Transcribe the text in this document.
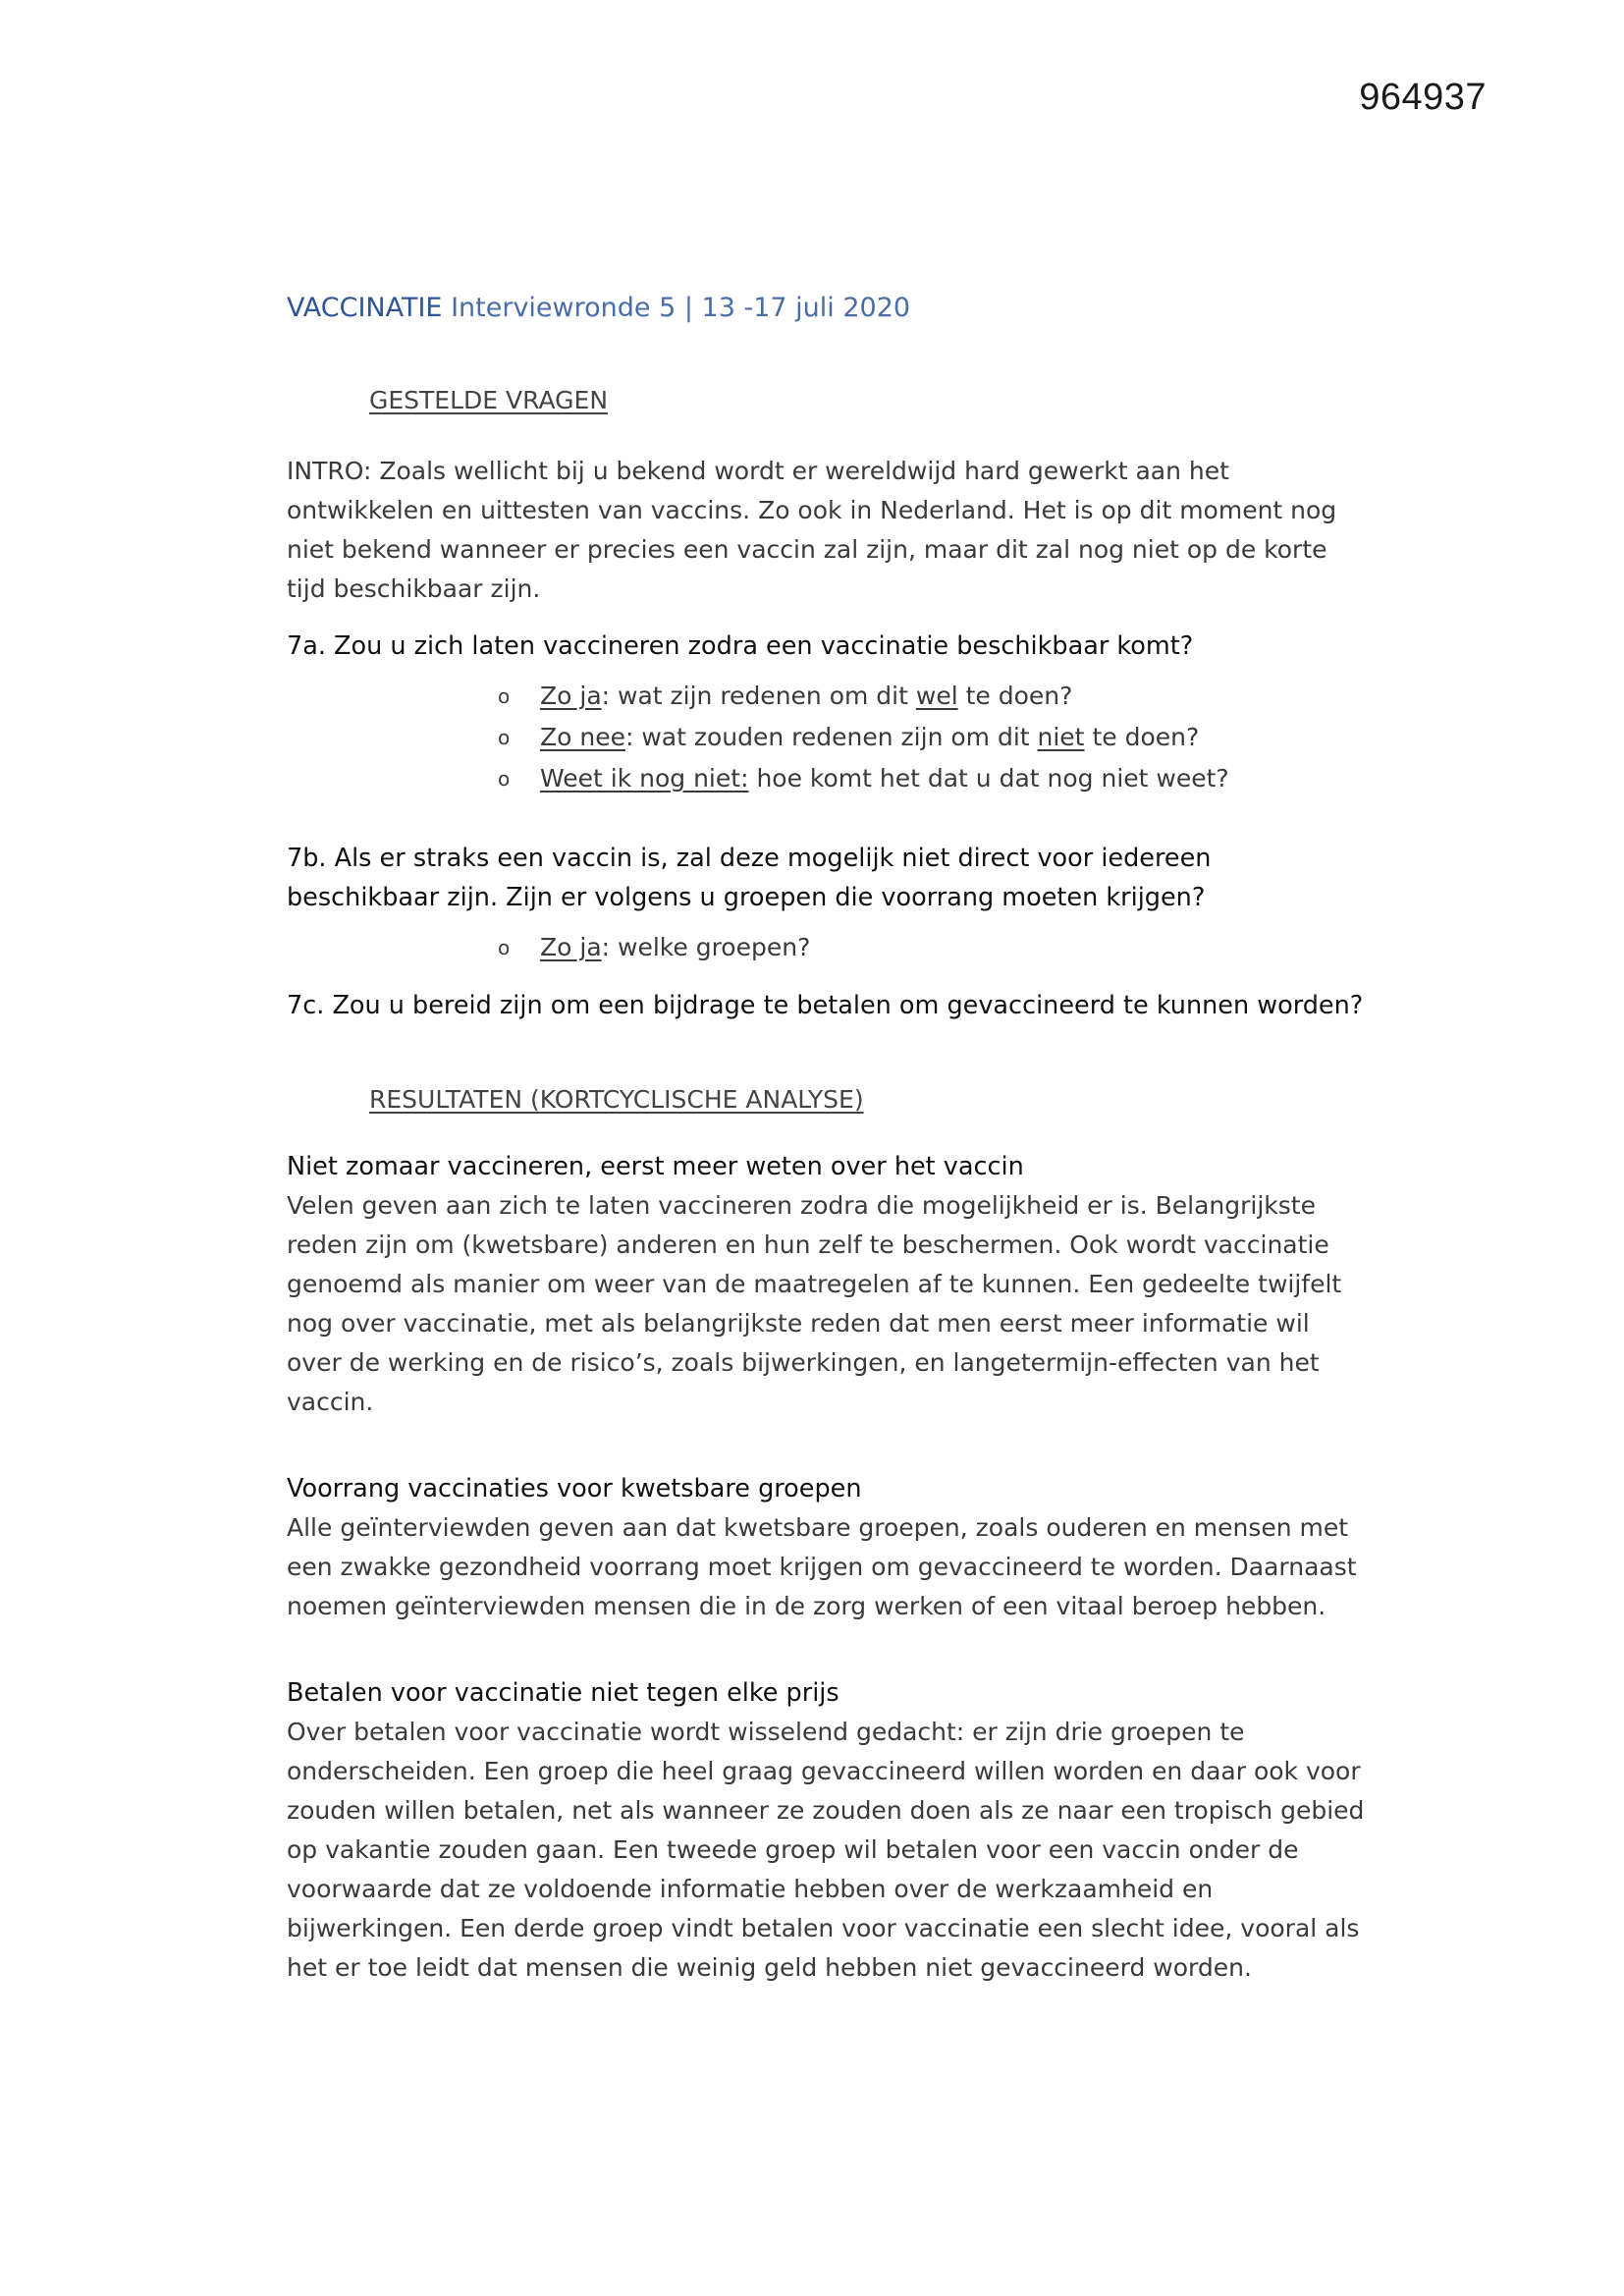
964937
VACCINATIE Interviewronde 5 | 13 -17 juli 2020
GESTELDE VRAGEN

INTRO: Zoals wellicht bij u bekend wordt er wereldwijd hard gewerkt aan het ontwikkelen en uittesten van vaccins. Zo ook in Nederland. Het is op dit moment nog niet bekend wanneer er precies een vaccin zal zijn, maar dit zal nog niet op de korte tijd beschikbaar zijn.

7a. Zou u zich laten vaccineren zodra een vaccinatie beschikbaar komt?

o Zo ja: wat zijn redenen om dit wel te doen?
o Zo nee: wat zouden redenen zijn om dit niet te doen?
o Weet ik nog niet: hoe komt het dat u dat nog niet weet?

7b. Als er straks een vaccin is, zal deze mogelijk niet direct voor iedereen beschikbaar zijn. Zijn er volgens u groepen die voorrang moeten krijgen?

o Zo ja: welke groepen?

7c. Zou u bereid zijn om een bijdrage te betalen om gevaccineerd te kunnen worden?

RESULTATEN (KORTCYCLISCHE ANALYSE)
Niet zomaar vaccineren, eerst meer weten over het vaccin

Velen geven aan zich te laten vaccineren zodra die mogelijkheid er is. Belangrijkste reden zijn om (kwetsbare) anderen en hun zelf te beschermen. Ook wordt vaccinatie genoemd als manier om weer van de maatregelen af te kunnen. Een gedeelte twijfelt nog over vaccinatie, met als belangrijkste reden dat men eerst meer informatie wil over de werking en de risico’s, zoals bijwerkingen, en langetermijn-effecten van het vaccin.

Voorrang vaccinaties voor kwetsbare groepen

Alle geïnterviewden geven aan dat kwetsbare groepen, zoals ouderen en mensen met een zwakke gezondheid voorrang moet krijgen om gevaccineerd te worden. Daarnaast noemen geïnterviewden mensen die in de zorg werken of een vitaal beroep hebben.

Betalen voor vaccinatie niet tegen elke prijs

Over betalen voor vaccinatie wordt wisselend gedacht: er zijn drie groepen te onderscheiden. Een groep die heel graag gevaccineerd willen worden en daar ook voor zouden willen betalen, net als wanneer ze zouden doen als ze naar een tropisch gebied op vakantie zouden gaan. Een tweede groep wil betalen voor een vaccin onder de voorwaarde dat ze voldoende informatie hebben over de werkzaamheid en bijwerkingen. Een derde groep vindt betalen voor vaccinatie een slecht idee, vooral als het er toe leidt dat mensen die weinig geld hebben niet gevaccineerd worden.
